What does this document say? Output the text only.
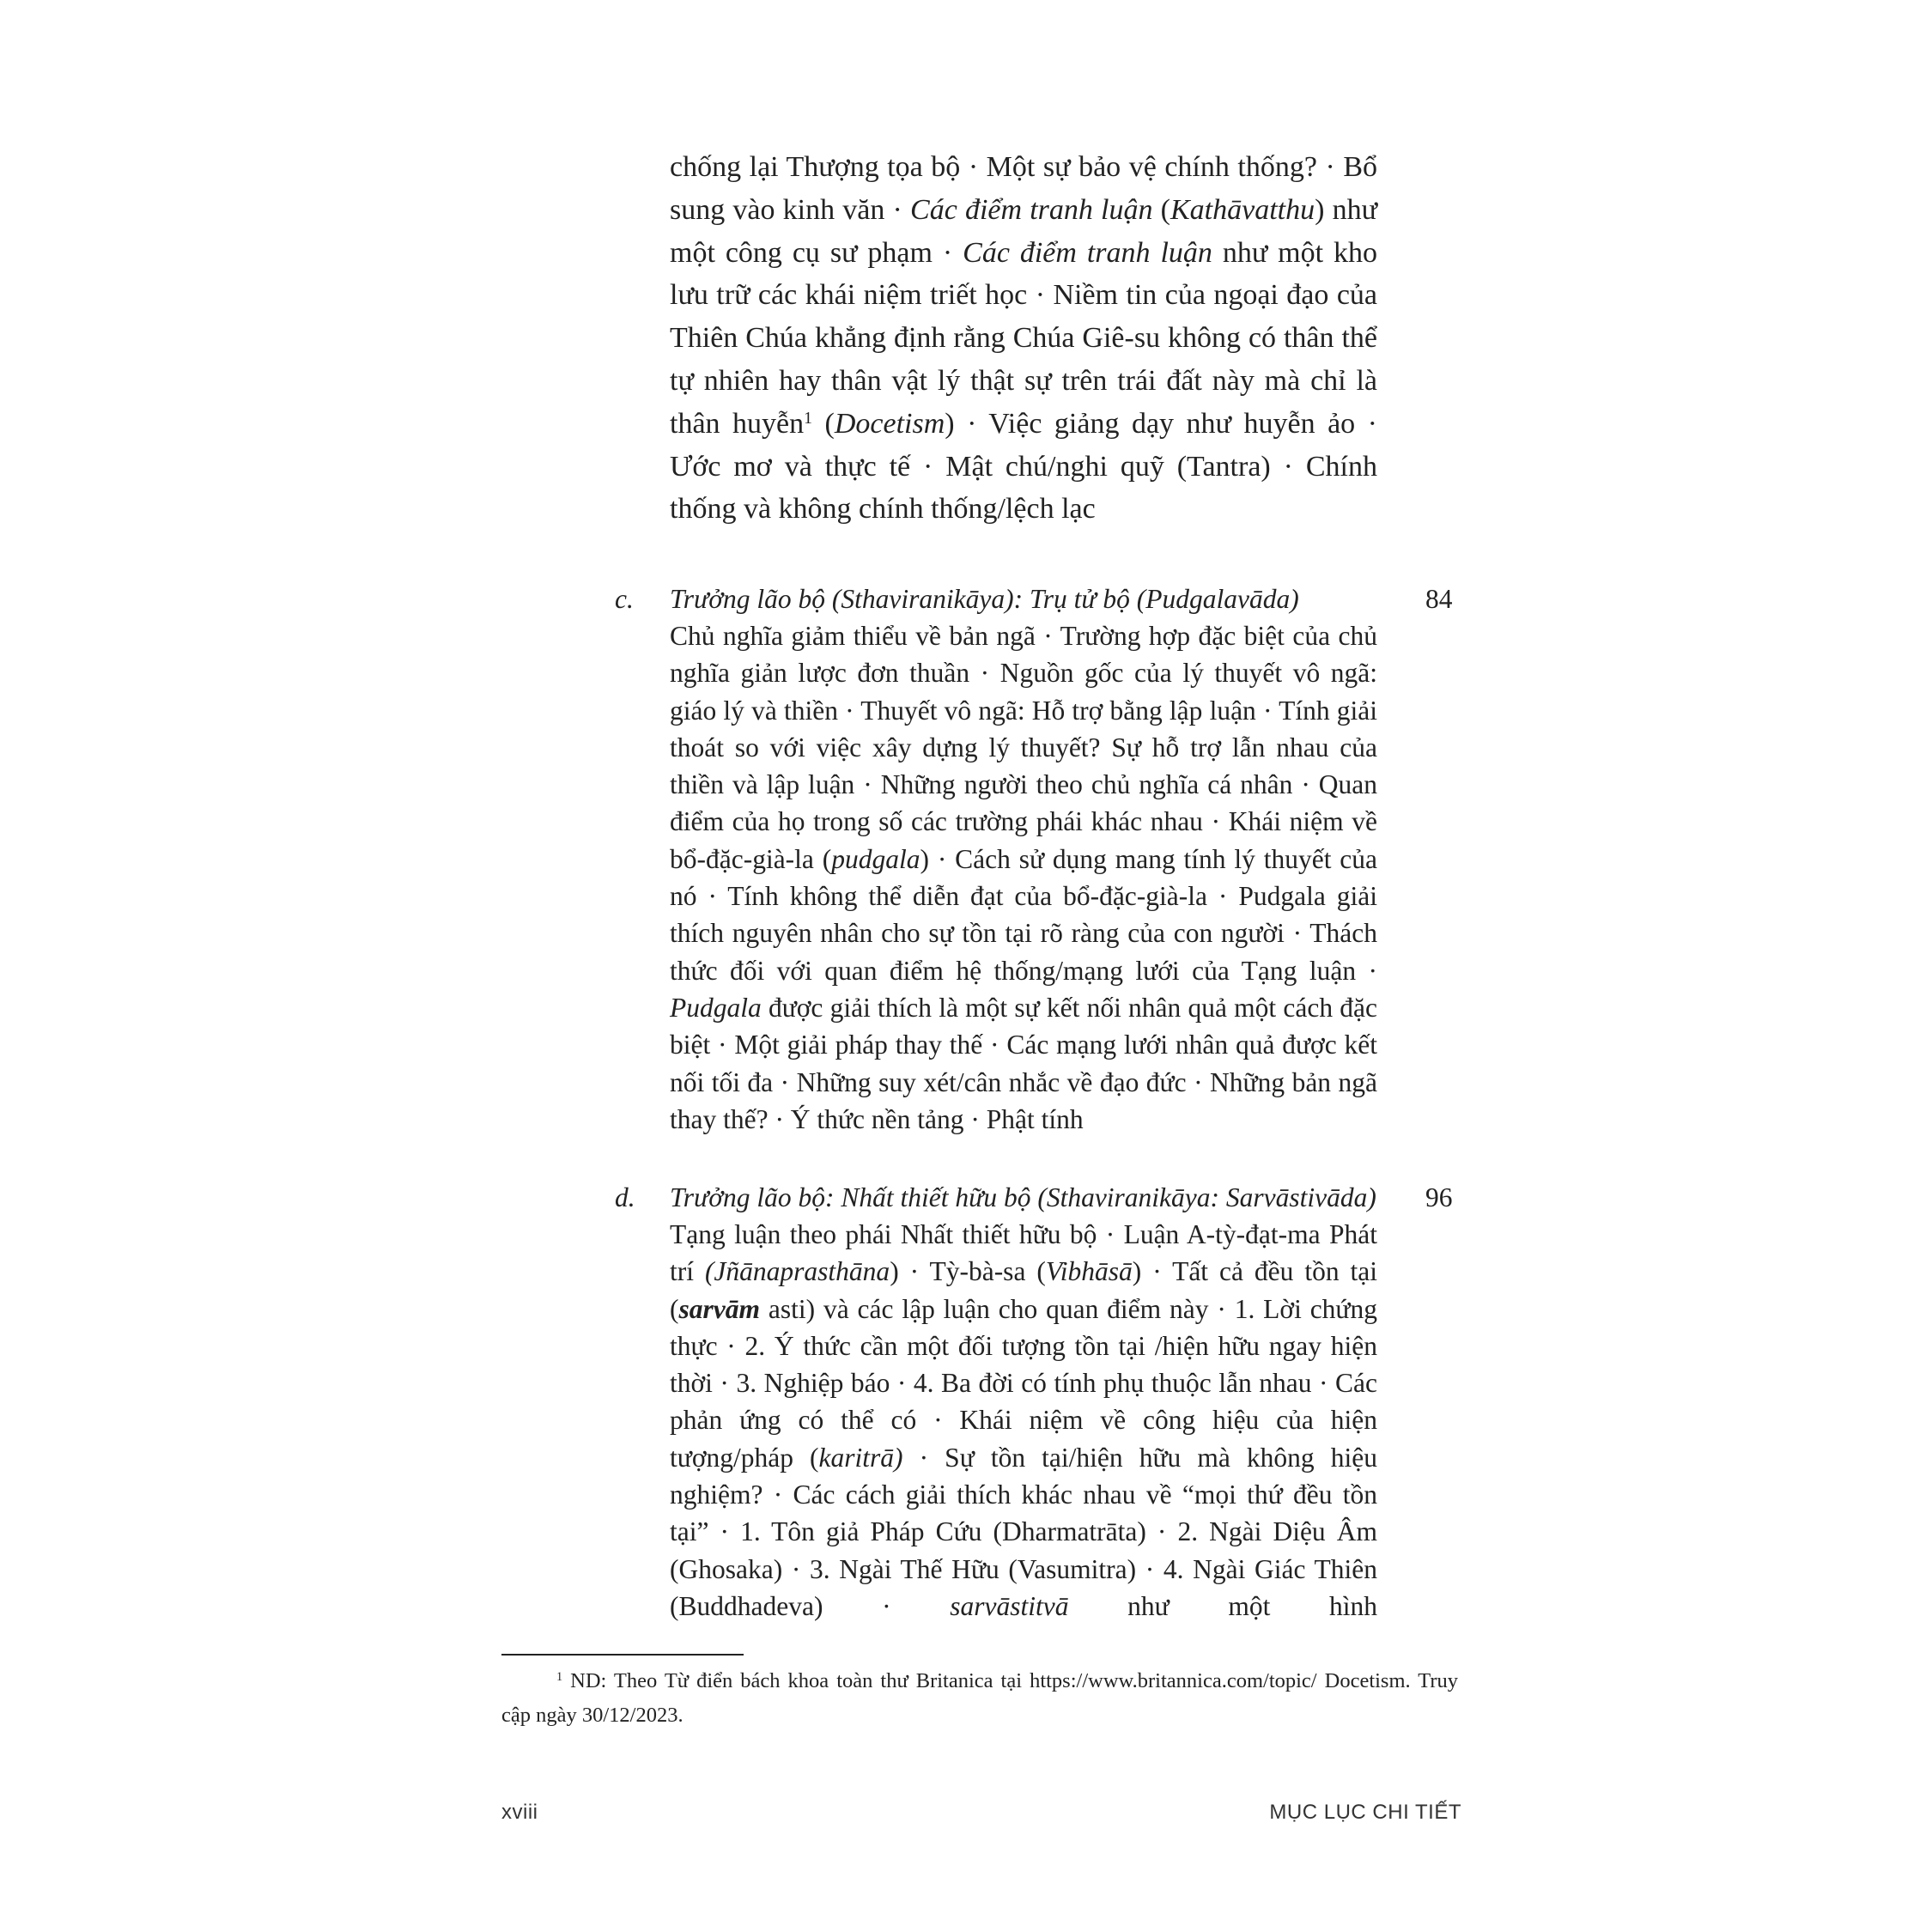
chống lại Thượng tọa bộ · Một sự bảo vệ chính thống? · Bổ sung vào kinh văn · Các điểm tranh luận (Kathāvatthu) như một công cụ sư phạm · Các điểm tranh luận như một kho lưu trữ các khái niệm triết học · Niềm tin của ngoại đạo của Thiên Chúa khẳng định rằng Chúa Giê-su không có thân thể tự nhiên hay thân vật lý thật sự trên trái đất này mà chỉ là thân huyễn$^1$ (Docetism) · Việc giảng dạy như huyễn ảo · Ước mơ và thực tế · Mật chú/nghi quỹ (Tantra) · Chính thống và không chính thống/lệch lạc

c. Trưởng lão bộ (Sthaviranikāya): Trụ tử bộ (Pudgalavāda)	84

Chủ nghĩa giảm thiểu về bản ngã · Trường hợp đặc biệt của chủ nghĩa giản lược đơn thuần · Nguồn gốc của lý thuyết vô ngã: giáo lý và thiền · Thuyết vô ngã: Hỗ trợ bằng lập luận · Tính giải thoát so với việc xây dựng lý thuyết? Sự hỗ trợ lẫn nhau của thiền và lập luận · Những người theo chủ nghĩa cá nhân · Quan điểm của họ trong số các trường phái khác nhau · Khái niệm về bổ-đặc-già-la (pudgala) · Cách sử dụng mang tính lý thuyết của nó · Tính không thể diễn đạt của bổ-đặc-già-la · Pudgala giải thích nguyên nhân cho sự tồn tại rõ ràng của con người · Thách thức đối với quan điểm hệ thống/mạng lưới của Tạng luận · Pudgala được giải thích là một sự kết nối nhân quả một cách đặc biệt · Một giải pháp thay thế · Các mạng lưới nhân quả được kết nối tối đa · Những suy xét/cân nhắc về đạo đức · Những bản ngã thay thế? · Ý thức nền tảng · Phật tính

d. Trưởng lão bộ: Nhất thiết hữu bộ (Sthaviranikāya: Sarvāstivāda) 96

Tạng luận theo phái Nhất thiết hữu bộ · Luận A-tỳ-đạt-ma Phát trí (Jñānaprasthāna) · Tỳ-bà-sa (Vibhāsā) · Tất cả đều tồn tại (sarvām asti) và các lập luận cho quan điểm này · 1. Lời chứng thực · 2. Ý thức cần một đối tượng tồn tại /hiện hữu ngay hiện thời · 3. Nghiệp báo · 4. Ba đời có tính phụ thuộc lẫn nhau · Các phản ứng có thể có · Khái niệm về công hiệu của hiện tượng/pháp (karitrā) · Sự tồn tại/hiện hữu mà không hiệu nghiệm? · Các cách giải thích khác nhau về “mọi thứ đều tồn tại” · 1. Tôn giả Pháp Cứu (Dharmatrāta) · 2. Ngài Diệu Âm (Ghosaka) · 3. Ngài Thế Hữu (Vasumitra) · 4. Ngài Giác Thiên (Buddhadeva) · sarvāstitvā như một hình

$^1$ ND: Theo Từ điển bách khoa toàn thư Britanica tại https://www.britannica.com/topic/ Docetism. Truy cập ngày 30/12/2023.

xviii	MỤC LỤC CHI TIẾT
